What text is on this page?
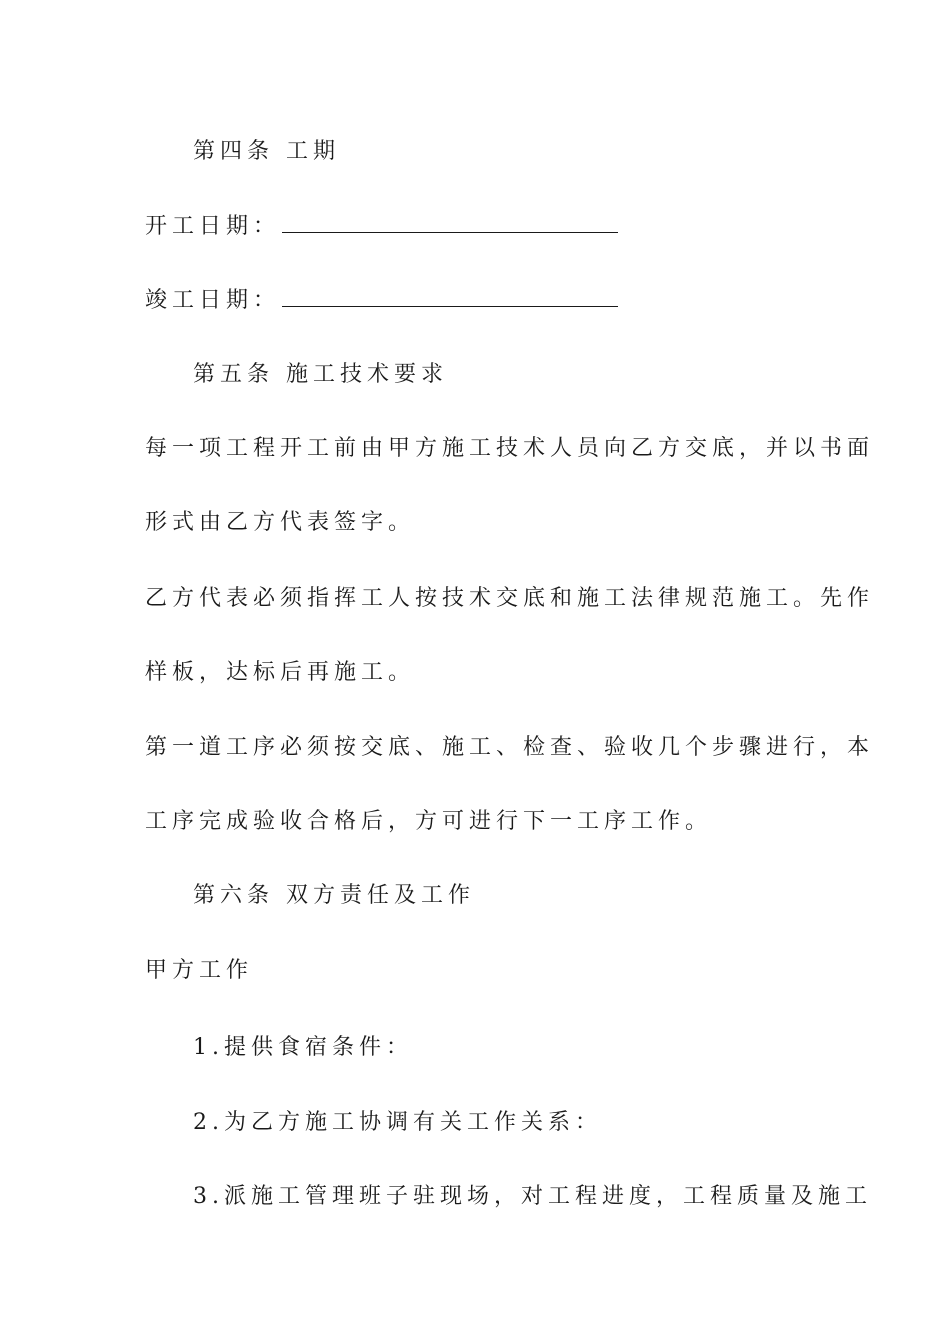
第四条 工期
开工日期：
竣工日期：
第五条 施工技术要求
每一项工程开工前由甲方施工技术人员向乙方交底，并以书面
形式由乙方代表签字。
乙方代表必须指挥工人按技术交底和施工法律规范施工。先作
样板，达标后再施工。
第一道工序必须按交底、施工、检查、验收几个步骤进行，本
工序完成验收合格后，方可进行下一工序工作。
第六条 双方责任及工作
甲方工作
1.提供食宿条件：
2.为乙方施工协调有关工作关系：
3.派施工管理班子驻现场，对工程进度，工程质量及施工
